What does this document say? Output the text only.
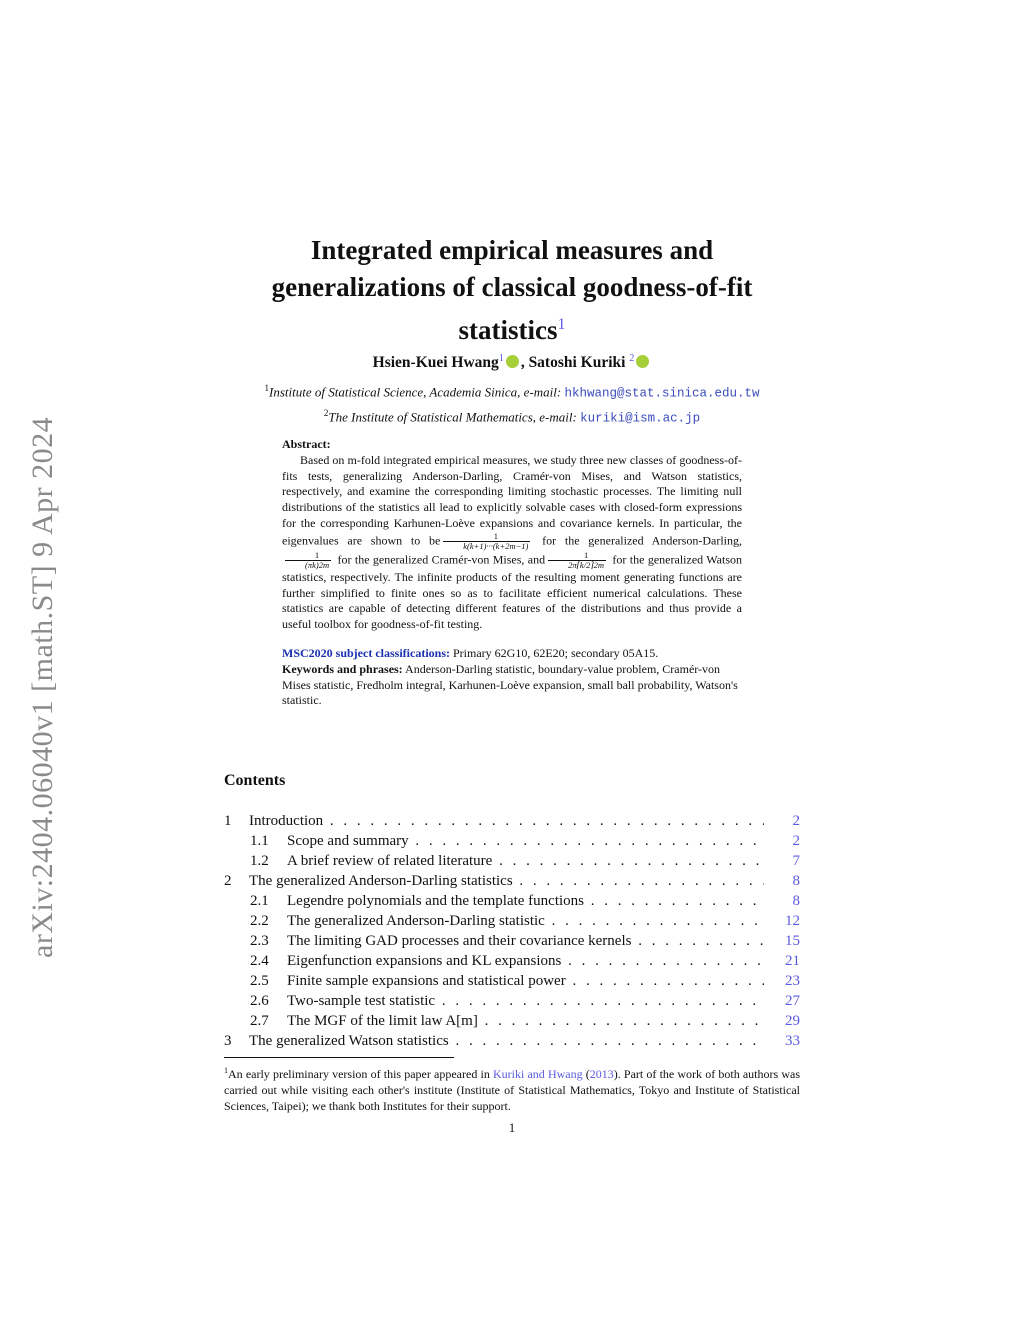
arXiv:2404.06040v1 [math.ST] 9 Apr 2024
Integrated empirical measures and
generalizations of classical goodness-of-fit
statistics$^1$
Hsien-Kuei Hwang$^1$ , Satoshi Kuriki $^2$
$^1$Institute of Statistical Science, Academia Sinica, e-mail: hkhwang@stat.sinica.edu.tw
$^2$The Institute of Statistical Mathematics, e-mail: kuriki@ism.ac.jp
Abstract:

Based on m-fold integrated empirical measures, we study three new classes of goodness-of-fits tests, generalizing Anderson-Darling, Cramér-von Mises, and Watson statistics, respectively, and examine the corresponding limiting stochastic processes. The limiting null distributions of the statistics all lead to explicitly solvable cases with closed-form expressions for the corresponding Karhunen-Loève expansions and covariance kernels. In particular, the eigenvalues are shown to be $\frac{1}{k(k+1)\cdot\cdot\cdot(k+2m-1)}$ for the generalized Anderson-Darling,
$\frac{1}{(\pi k)2m}$ for the generalized Cramér-von Mises, and $\frac{1}{2\pi⌈k/2⌉2m}$ for the generalized Watson statistics, respectively. The infinite products of the resulting moment generating functions are further simplified to finite ones so as to facilitate efficient numerical calculations. These statistics are capable of detecting different features of the distributions and thus provide a useful toolbox for goodness-of-fit testing.

MSC2020 subject classifications: Primary 62G10, 62E20; secondary 05A15.
Keywords and phrases: Anderson-Darling statistic, boundary-value problem, Cramér-von Mises statistic, Fredholm integral, Karhunen-Loève expansion, small ball probability, Watson's statistic.
Contents
1 Introduction . . .	2
1.1 Scope and summary . . .	2
1.2 A brief review of related literature . . .	7
2 The generalized Anderson-Darling statistics . . .	8
2.1 Legendre polynomials and the template functions . . .	8
2.2 The generalized Anderson-Darling statistic . . .	12
2.3 The limiting GAD processes and their covariance kernels . . .	15
2.4 Eigenfunction expansions and KL expansions . . .	21
2.5 Finite sample expansions and statistical power . . .	23
2.6 Two-sample test statistic . . .	27
2.7 The MGF of the limit law A[m] . . .	29
3 The generalized Watson statistics . . .	33
$^1$An early preliminary version of this paper appeared in Kuriki and Hwang (2013). Part of the work of both authors was carried out while visiting each other's institute (Institute of Statistical Mathematics, Tokyo and Institute of Statistical Sciences, Taipei); we thank both Institutes for their support.
1
